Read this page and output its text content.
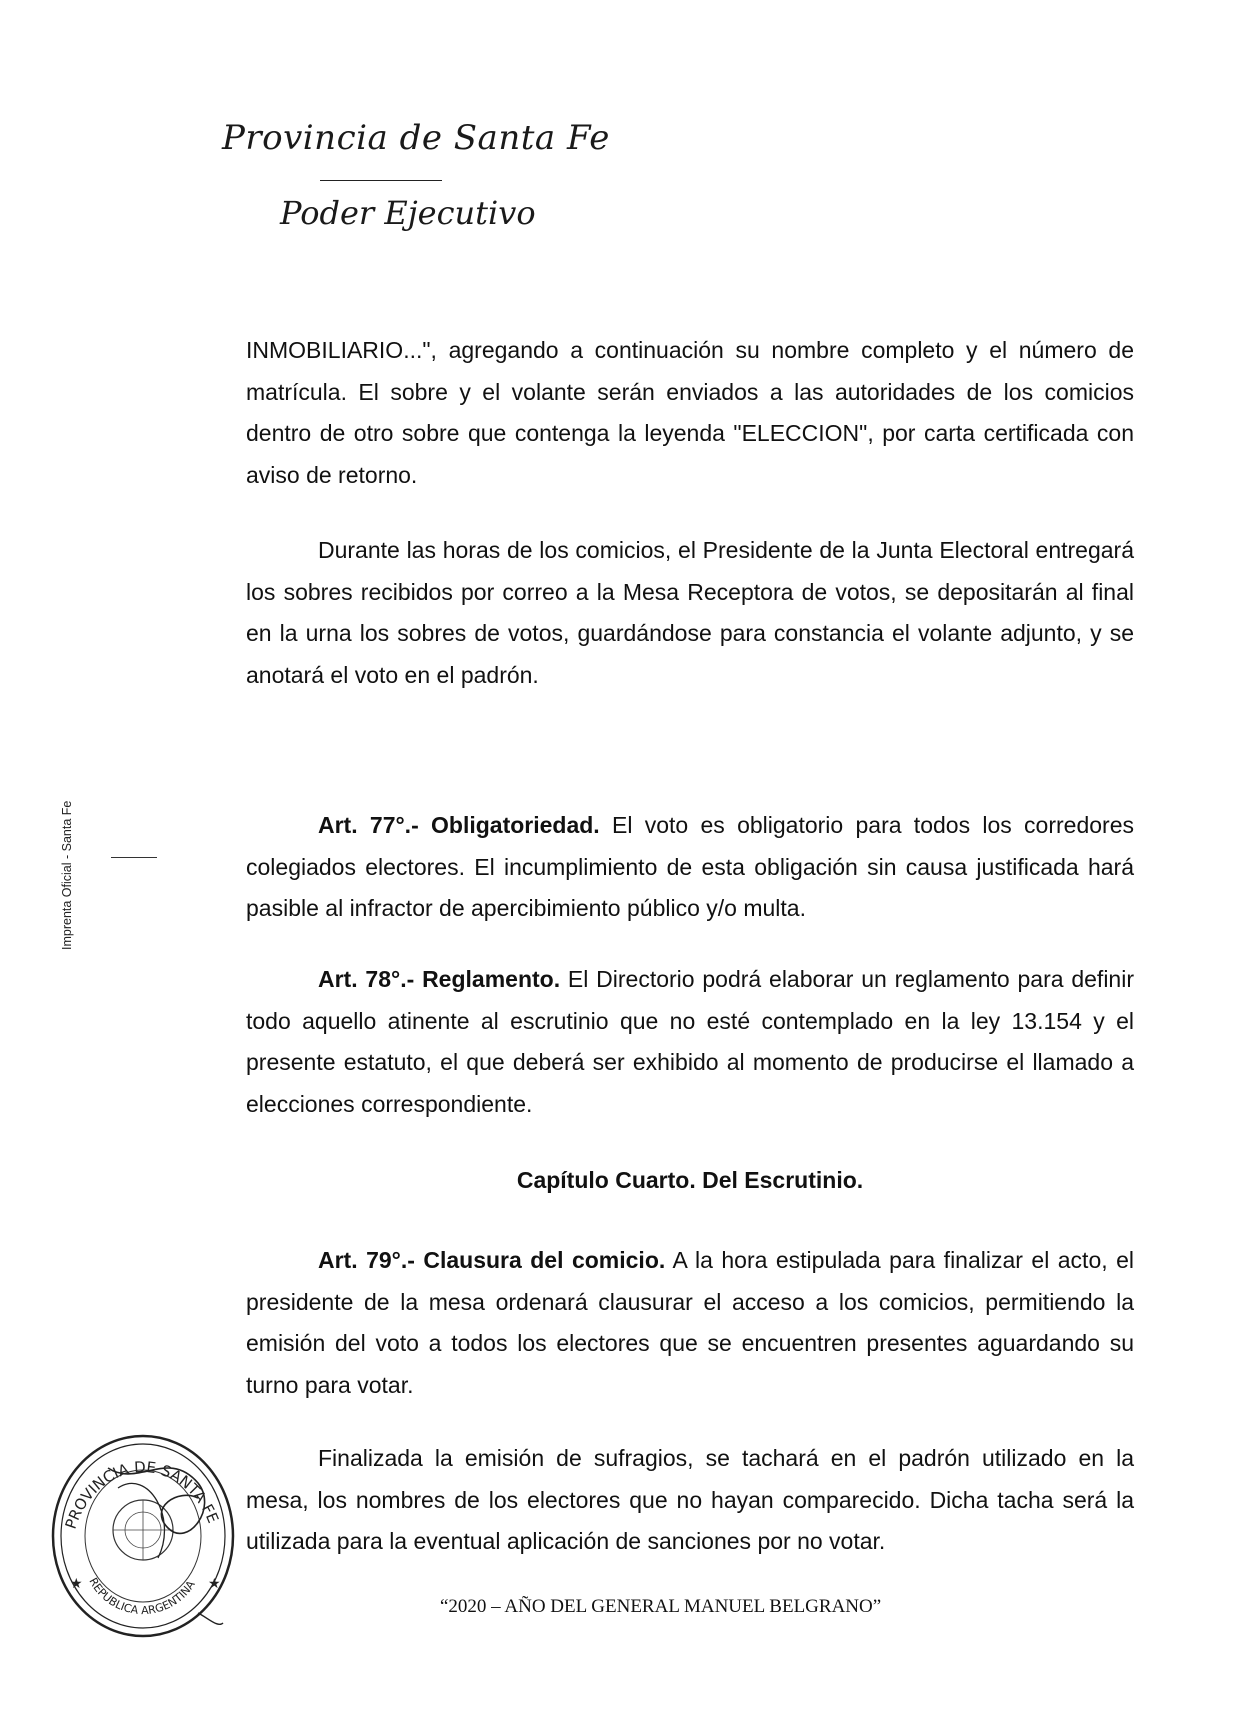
Provincia de Santa Fe
Poder Ejecutivo
Imprenta Oficial - Santa Fe

INMOBILIARIO...", agregando a continuación su nombre completo y el número de matrícula. El sobre y el volante serán enviados a las autoridades de los comicios dentro de otro sobre que contenga la leyenda "ELECCION", por carta certificada con aviso de retorno.

Durante las horas de los comicios, el Presidente de la Junta Electoral entregará los sobres recibidos por correo a la Mesa Receptora de votos, se depositarán al final en la urna los sobres de votos, guardándose para constancia el volante adjunto, y se anotará el voto en el padrón.

Art. 77°.- Obligatoriedad. El voto es obligatorio para todos los corredores colegiados electores. El incumplimiento de esta obligación sin causa justificada hará pasible al infractor de apercibimiento público y/o multa.

Art. 78°.- Reglamento. El Directorio podrá elaborar un reglamento para definir todo aquello atinente al escrutinio que no esté contemplado en la ley 13.154 y el presente estatuto, el que deberá ser exhibido al momento de producirse el llamado a elecciones correspondiente.

Capítulo Cuarto. Del Escrutinio.

Art. 79°.- Clausura del comicio. A la hora estipulada para finalizar el acto, el presidente de la mesa ordenará clausurar el acceso a los comicios, permitiendo la emisión del voto a todos los electores que se encuentren presentes aguardando su turno para votar.

Finalizada la emisión de sufragios, se tachará en el padrón utilizado en la mesa, los nombres de los electores que no hayan comparecido. Dicha tacha será la utilizada para la eventual aplicación de sanciones por no votar.

PROVINCIA DE SANTA FE
REPUBLICA ARGENTINA
★	★
“2020 – AÑO DEL GENERAL MANUEL BELGRANO”
